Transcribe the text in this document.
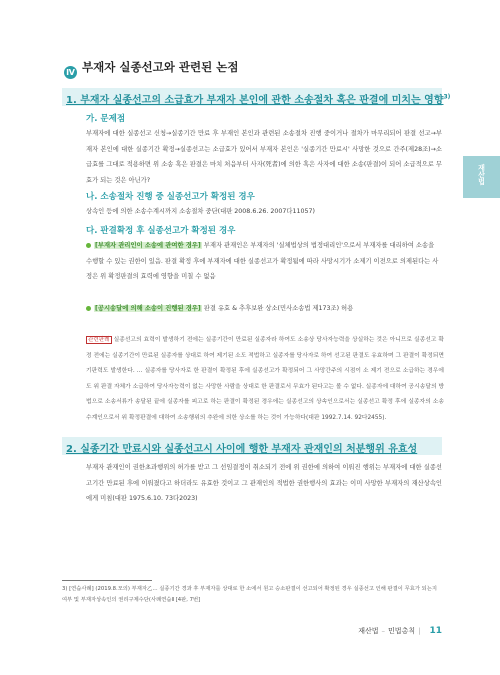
Ⅳ 부재자 실종선고와 관련된 논점
1. 부재자 실종선고의 소급효가 부재자 본인에 관한 소송절차 혹은 판결에 미치는 영향$^{3)}$
가. 문제점
부재자에 대한 실종선고 신청→실종기간 만료 후 부재인 본인과 관련된 소송절차 진행 중이거나 절차가 마무리되어 판결 선고→부재자 본인에 대한 실종기간 확정→실종선고는 소급효가 있어서 부재자 본인은 '실종기간 만료시' 사망한 것으로 간주(제28조)→소급효를 그대로 적용하면 위 소송 혹은 판결은 마치 처음부터 사자(死者)에 의한 혹은 사자에 대한 소송(판결)이 되어 소급적으로 무효가 되는 것은 아닌가?
나. 소송절차 진행 중 실종선고가 확정된 경우
상속인 등에 의한 소송수계시까지 소송절차 중단(대판 2008.6.26. 2007다11057)
다. 판결확정 후 실종선고가 확정된 경우
[부재자 관리인이 소송에 관여한 경우] 부재자 관재인은 부재자의 '실체법상의 법정대리인'으로서 부재자를 대리하여 소송을 수행할 수 있는 권한이 있음. 판결 확정 후에 부재자에 대한 실종선고가 확정됨에 따라 사망시기가 소제기 이전으로 의제된다는 사정은 위 확정판결의 효력에 영향을 미칠 수 없음
[공시송달에 의해 소송이 진행된 경우] 판결 유효 & 추후보완 상소(민사소송법 제173조) 허용
관련판례 실종선고의 효력이 발생하기 전에는 실종기간이 만료된 실종자라 하여도 소송상 당사자능력을 상실하는 것은 아니므로 실종선고 확정 전에는 실종기간이 만료된 실종자를 상대로 하여 제기된 소도 적법하고 실종자를 당사자로 하여 선고된 판결도 유효하며 그 판결이 확정되면 기판력도 발생한다. … 실종자를 당사자로 한 판결이 확정된 후에 실종선고가 확정되어 그 사망간주의 시점이 소 제기 전으로 소급하는 경우에도 위 판결 자체가 소급하여 당사자능력이 없는 사망한 사람을 상대로 한 판결로서 무효가 된다고는 볼 수 없다. 실종자에 대하여 공시송달의 방법으로 소송서류가 송달된 끝에 실종자를 피고로 하는 판결이 확정된 경우에는 실종선고의 상속인으로서는 실종선고 확정 후에 실종자의 소송수계인으로서 위 확정판결에 대하여 소송행위의 추완에 의한 상소를 하는 것이 가능하다(대판 1992.7.14. 92다2455).
2. 실종기간 만료시와 실종선고시 사이에 행한 부재자 관재인의 처분행위 유효성
부재자 관재인이 권한초과행위의 허가를 받고 그 선임결정이 취소되기 전에 위 권한에 의하여 이뤄진 행위는 부재자에 대한 실종선고기간 만료된 후에 이뤄졌다고 하더라도 유효한 것이고 그 관재인의 적법한 권한행사의 효과는 이미 사망한 부재자의 재산상속인에게 미침(대판 1975.6.10. 73다2023)
재산법
3) [연습사례] (2019.8.모의) 부재자乙… 실종기간 경과 후 부재자를 상대로 한 소에서 원고 승소판결이 선고되어 확정된 경우 실종선고 인해 판결이 무효가 되는지 여부 및 부재자상속인의 권리구제수단(사례연습Ⅱ [4판, 7번]
재산법 – 민법총칙 | 11
